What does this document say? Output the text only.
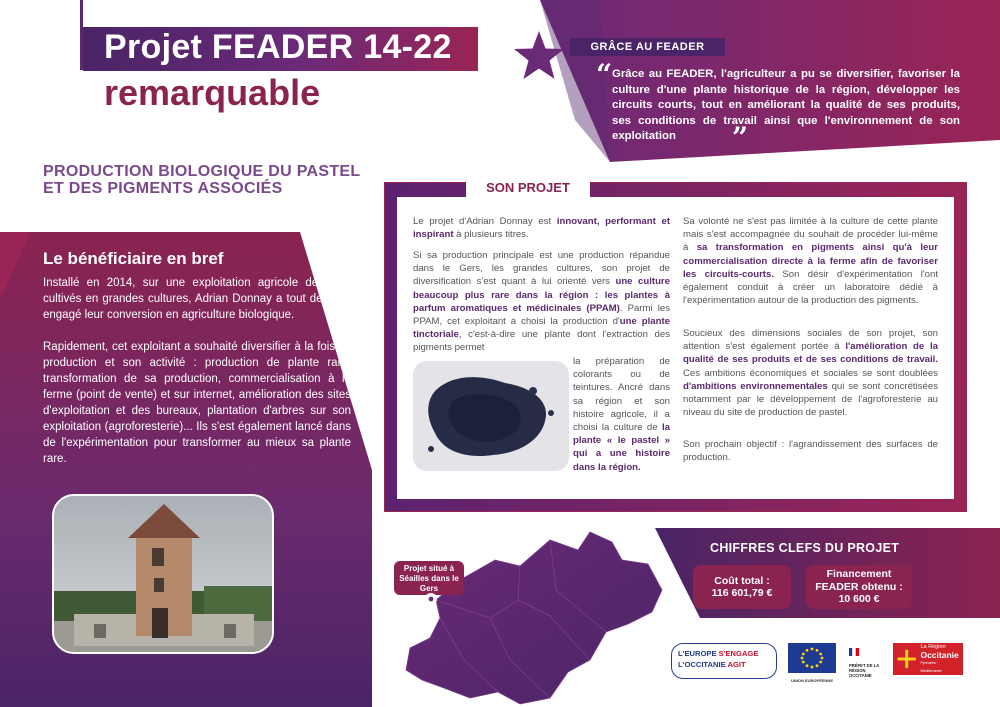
Projet FEADER 14-22
remarquable
GRÂCE AU FEADER
“ Grâce au FEADER, l'agriculteur a pu se diversifier, favoriser la culture d'une plante historique de la région, développer les circuits courts, tout en améliorant la qualité de ses produits, ses conditions de travail ainsi que l'environnement de son exploitation	”
PRODUCTION BIOLOGIQUE DU PASTEL ET DES PIGMENTS ASSOCIÉS
Le bénéficiaire en bref
Installé en 2014, sur une exploitation agricole de 44ha cultivés en grandes cultures, Adrian Donnay a tout de suite engagé leur conversion en agriculture biologique.
Rapidement, cet exploitant a souhaité diversifier à la fois sa production et son activité : production de plante rare, transformation de sa production, commercialisation à la ferme (point de vente) et sur internet, amélioration des sites d'exploitation et des bureaux, plantation d'arbres sur son exploitation (agroforesterie)... Ils s'est également lancé dans de l'expérimentation pour transformer au mieux sa plante rare.
SON PROJET
Le projet d'Adrian Donnay est innovant, performant et inspirant à plusieurs titres.
Si sa production principale est une production répandue dans le Gers, les grandes cultures, son projet de diversification s'est quant à lui orienté vers une culture beaucoup plus rare dans la région : les plantes à parfum aromatiques et médicinales (PPAM). Parmi les PPAM, cet exploitant a choisi la production d'une plante tinctoriale, c'est-à-dire une plante dont l'extraction des pigments permet
la préparation de colorants ou de teintures. Ancré dans sa région et son histoire agricole, il a choisi la culture de la plante « le pastel » qui a une histoire dans la région.
Sa volonté ne s'est pas limitée à la culture de cette plante mais s'est accompagnée du souhait de procéder lui-même à sa transformation en pigments ainsi qu'à leur commercialisation directe à la ferme afin de favoriser les circuits-courts. Son désir d'expérimentation l'ont également conduit à créer un laboratoire dédié à l'expérimentation autour de la production des pigments.
Soucieux des dimensions sociales de son projet, son attention s'est également portée à l'amélioration de la qualité de ses produits et de ses conditions de travail. Ces ambitions économiques et sociales se sont doublées d'ambitions environnementales qui se sont concrétisées notamment par le développement de l'agroforesterie au niveau du site de production de pastel.
Son prochain objectif : l'agrandissement des surfaces de production.
Projet situé à Séailles dans le Gers
CHIFFRES CLEFS DU PROJET
Coût total :
116 601,79 €
Financement FEADER obtenu :
10 600 €
L'EUROPE S'ENGAGE
L'OCCITANIE AGIT
UNION EUROPÉENNE
PRÉFET DE LA RÉGION OCCITANIE
La Région
Occitanie
Pyrénées · Méditerranée
